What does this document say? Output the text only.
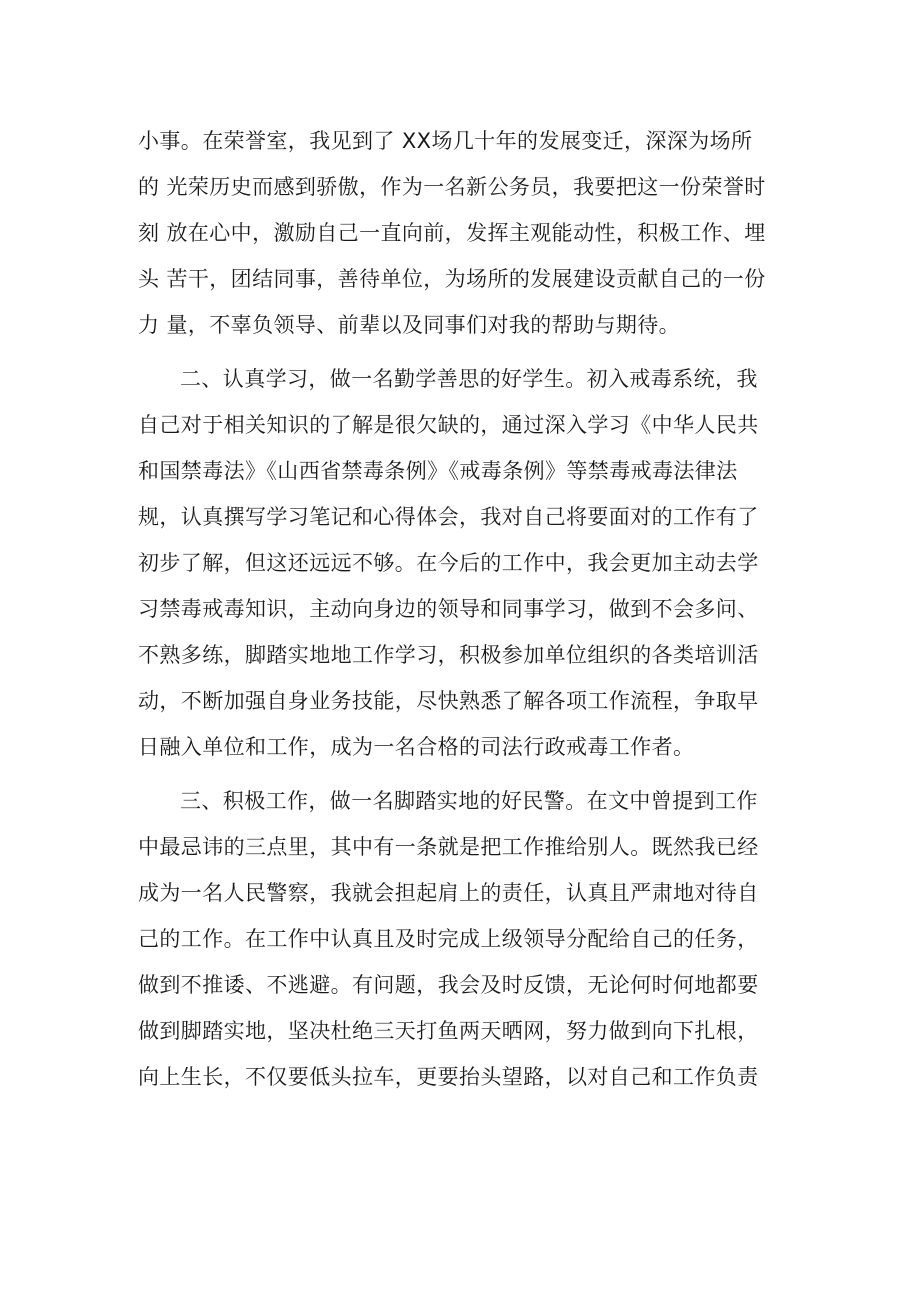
小事。在荣誉室，我见到了 XX场几十年的发展变迁，深深为场所
的 光荣历史而感到骄傲，作为一名新公务员，我要把这一份荣誉时
刻 放在心中，激励自己一直向前，发挥主观能动性，积极工作、埋
头 苦干，团结同事，善待单位，为场所的发展建设贡献自己的一份
力 量，不辜负领导、前辈以及同事们对我的帮助与期待。
二、认真学习，做一名勤学善思的好学生。初入戒毒系统，我
自己对于相关知识的了解是很欠缺的，通过深入学习《中华人民共
和国禁毒法》《山西省禁毒条例》《戒毒条例》等禁毒戒毒法律法
规，认真撰写学习笔记和心得体会，我对自己将要面对的工作有了
初步了解，但这还远远不够。在今后的工作中，我会更加主动去学
习禁毒戒毒知识，主动向身边的领导和同事学习，做到不会多问、
不熟多练，脚踏实地地工作学习，积极参加单位组织的各类培训活
动，不断加强自身业务技能，尽快熟悉了解各项工作流程，争取早
日融入单位和工作，成为一名合格的司法行政戒毒工作者。
三、积极工作，做一名脚踏实地的好民警。在文中曾提到工作
中最忌讳的三点里，其中有一条就是把工作推给别人。既然我已经
成为一名人民警察，我就会担起肩上的责任，认真且严肃地对待自
己的工作。在工作中认真且及时完成上级领导分配给自己的任务，
做到不推诿、不逃避。有问题，我会及时反馈，无论何时何地都要
做到脚踏实地，坚决杜绝三天打鱼两天晒网，努力做到向下扎根，
向上生长，不仅要低头拉车，更要抬头望路，以对自己和工作负责
